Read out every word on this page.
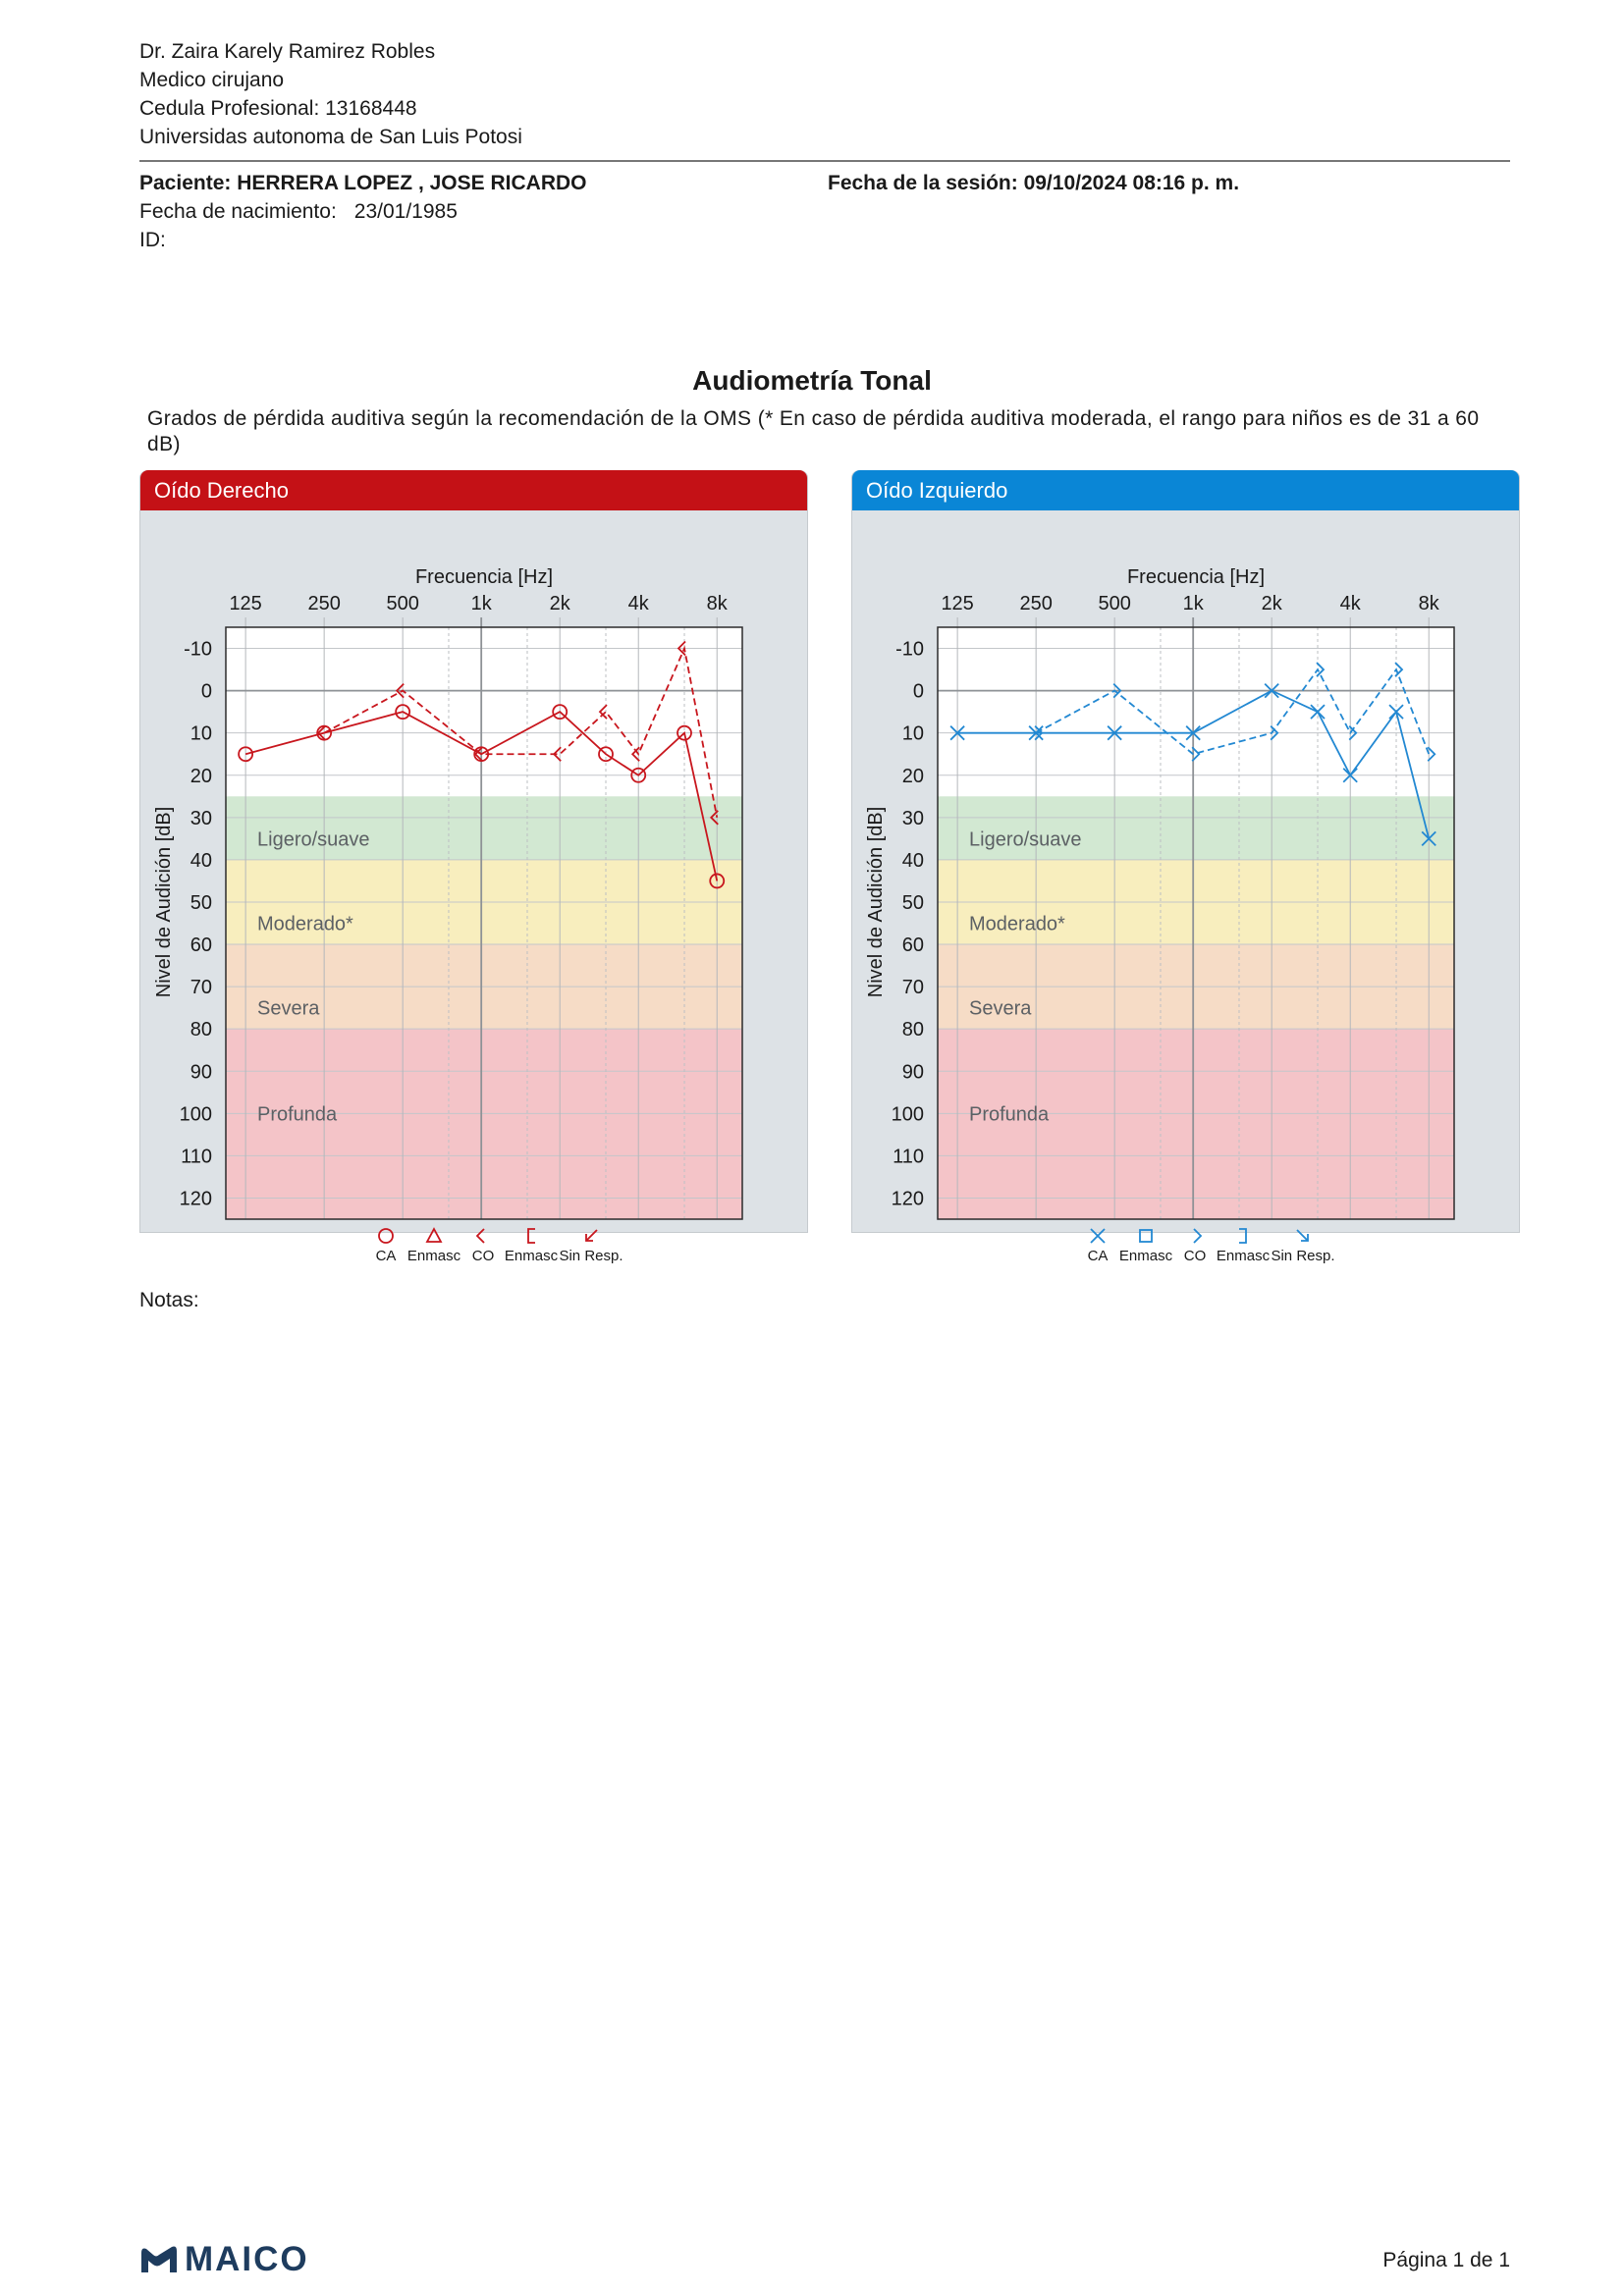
Dr. Zaira Karely Ramirez Robles
Medico cirujano
Cedula Profesional: 13168448
Universidas autonoma de San Luis Potosi
Paciente: HERRERA LOPEZ , JOSE RICARDO
Fecha de nacimiento: 23/01/1985
ID:
Fecha de la sesión: 09/10/2024 08:16 p. m.
Audiometría Tonal
Grados de pérdida auditiva según la recomendación de la OMS (* En caso de pérdida auditiva moderada, el rango para niños es de 31 a 60 dB)
Oído Derecho
Ligero/suave
Moderado*
Severa
Profunda
Frecuencia [Hz]
125 250 500	1k	2k	4k	8k
-10
0
10
20
30
40
50
60
70
80
90
100
110
120
Nivel de Audición [dB]
CA Enmasc CO Enmasc Sin Resp.
Oído Izquierdo
Ligero/suave
Moderado*
Severa
Profunda
Frecuencia [Hz]
125 250 500	1k	2k	4k	8k
-10
0
10
20
30
40
50
60
70
80
90
100
110
120
Nivel de Audición [dB]
CA Enmasc CO Enmasc Sin Resp.
Notas:
MAICO	Página 1 de 1
